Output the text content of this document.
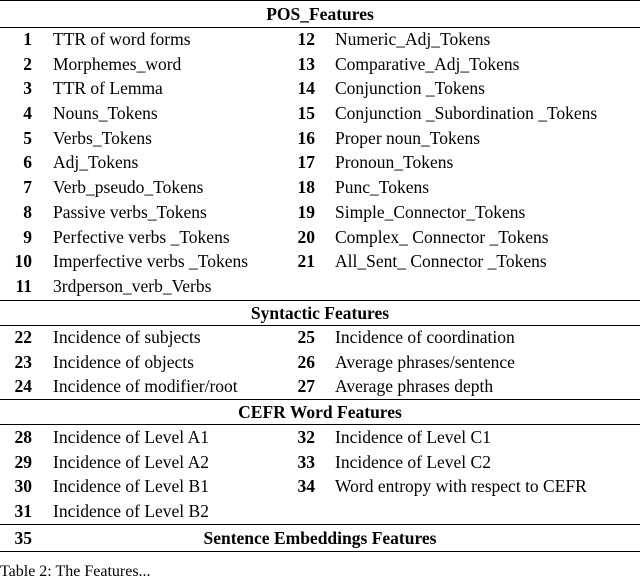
POS_Features
1 TTR of word forms	12 Numeric_Adj_Tokens
2 Morphemes_word	13 Comparative_Adj_Tokens
3 TTR of Lemma	14 Conjunction _Tokens
4 Nouns_Tokens	15 Conjunction _Subordination _Tokens
5 Verbs_Tokens	16 Proper noun_Tokens
6 Adj_Tokens	17 Pronoun_Tokens
7 Verb_pseudo_Tokens	18 Punc_Tokens
8 Passive verbs_Tokens	19 Simple_Connector_Tokens
9 Perfective verbs _Tokens	20 Complex_ Connector _Tokens
10 Imperfective verbs _Tokens	21 All_Sent_ Connector _Tokens
11 3rdperson_verb_Verbs
Syntactic Features
22 Incidence of subjects	25 Incidence of coordination
23 Incidence of objects	26 Average phrases/sentence
24 Incidence of modifier/root	27 Average phrases depth
CEFR Word Features
28 Incidence of Level A1	32 Incidence of Level C1
29 Incidence of Level A2	33 Incidence of Level C2
30 Incidence of Level B1	34 Word entropy with respect to CEFR
31 Incidence of Level B2
35	Sentence Embeddings Features
Table 2: The Features...
